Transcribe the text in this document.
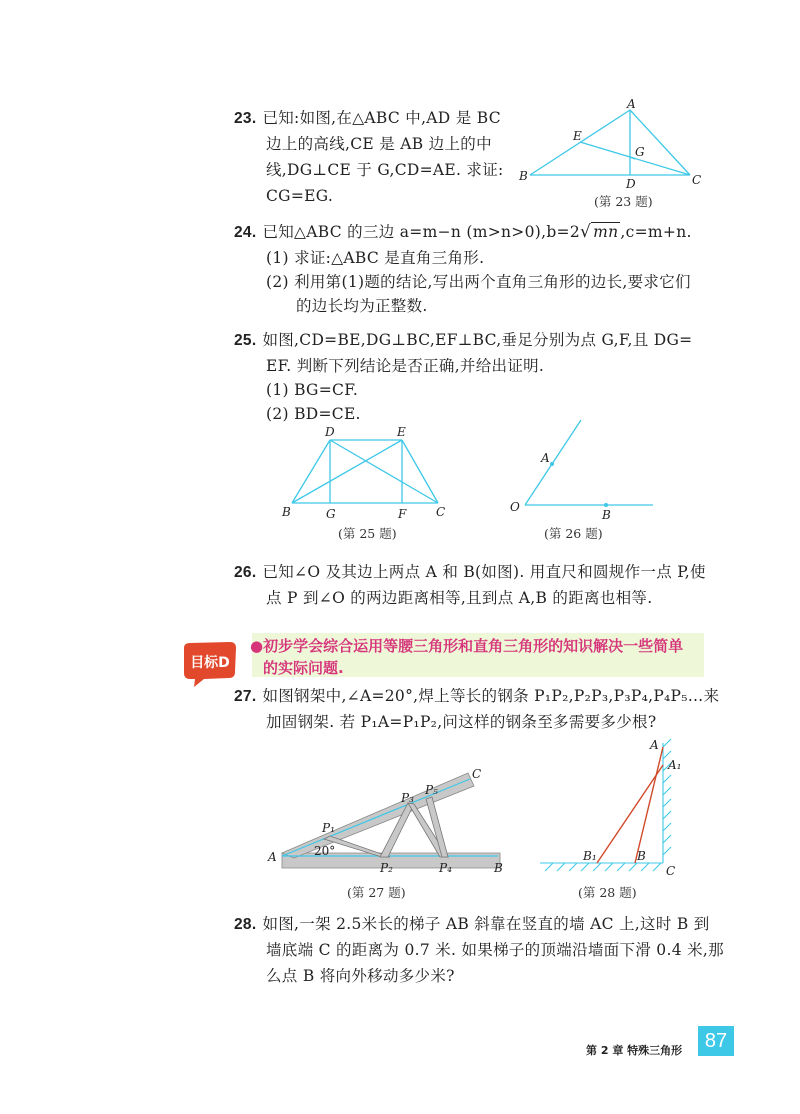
23. 已知:如图,在△ABC 中,AD 是 BC
边上的高线,CE 是 AB 边上的中
线,DG⊥CE 于 G,CD=AE. 求证:
CG=EG.
A
E
G
B
D	C
(第 23 题)
24. 已知△ABC 的三边 a=m−n (m>n>0),b=2√ mn ,c=m+n.
(1) 求证:△ABC 是直角三角形.
(2) 利用第(1)题的结论,写出两个直角三角形的边长,要求它们
的边长均为正整数.
25. 如图,CD=BE,DG⊥BC,EF⊥BC,垂足分别为点 G,F,且 DG=
EF. 判断下列结论是否正确,并给出证明.
(1) BG=CF.
(2) BD=CE.
D	E
B	G	F C
(第 25 题)
A
O
B
(第 26 题)
26. 已知∠O 及其边上两点 A 和 B(如图). 用直尺和圆规作一点 P,使
点 P 到∠O 的两边距离相等,且到点 A,B 的距离也相等.
目标D
●初步学会综合运用等腰三角形和直角三角形的知识解决一些简单
的实际问题.
27. 如图钢架中,∠A=20°,焊上等长的钢条 P₁P₂,P₂P₃,P₃P₄,P₄P₅…来
加固钢架. 若 P₁A=P₁P₂,问这样的钢条至多需要多少根?
A
B
C
20°
P₁
P₂
P₃
P₄
P₅
(第 27 题)
A
A₁
B₁	B
C
(第 28 题)
28. 如图,一架 2.5米长的梯子 AB 斜靠在竖直的墙 AC 上,这时 B 到
墙底端 C 的距离为 0.7 米. 如果梯子的顶端沿墙面下滑 0.4 米,那
么点 B 将向外移动多少米?
第 2 章 特殊三角形	87
